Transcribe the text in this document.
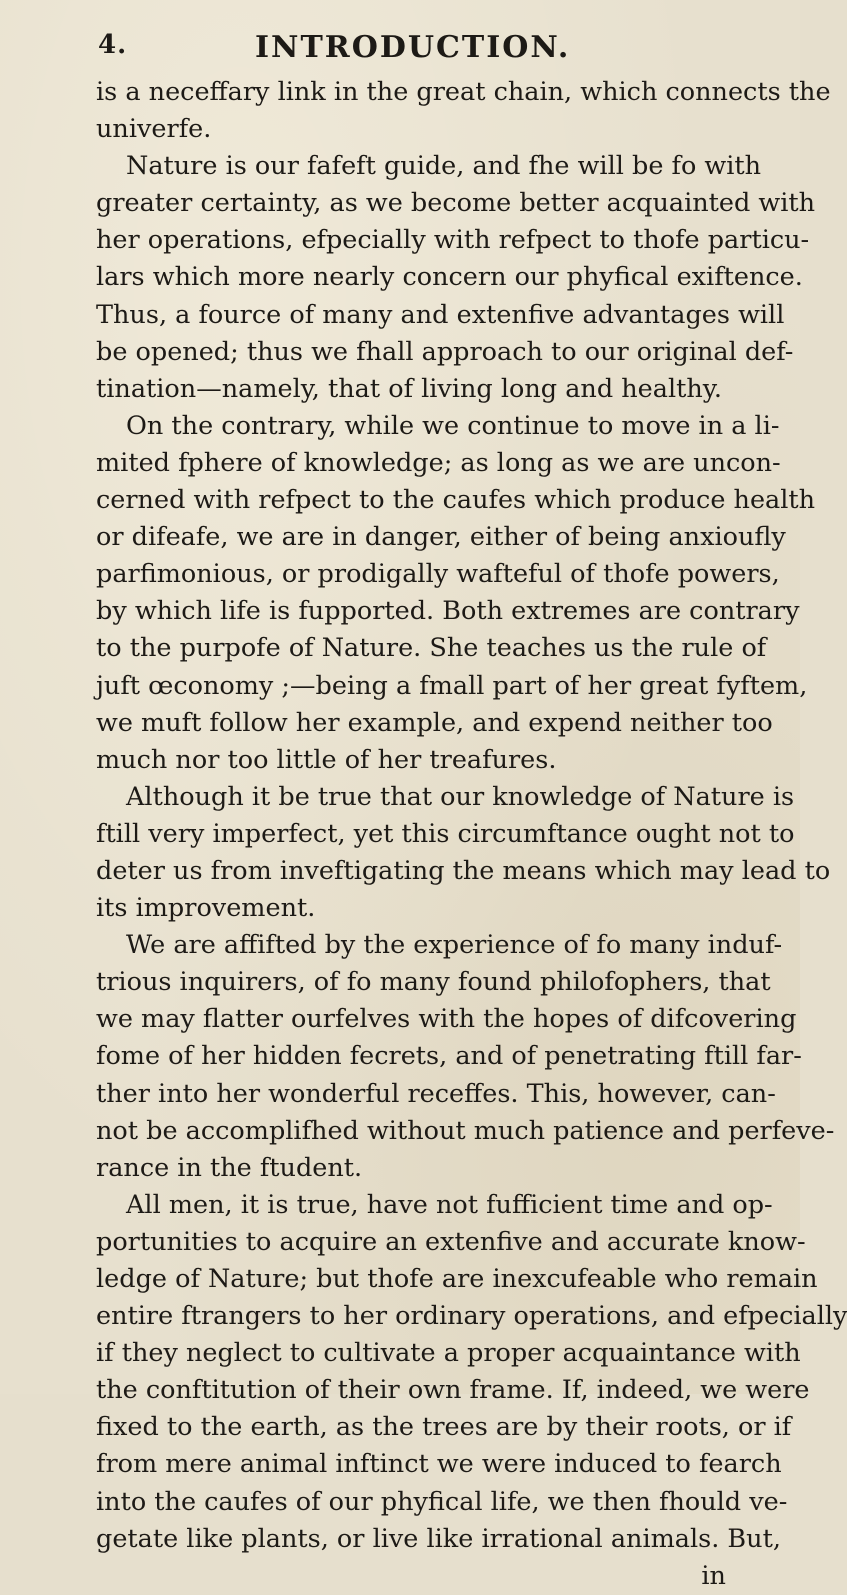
4.	INTRODUCTION.
is a neceffary link in the great chain, which connects the
univerfe.
Nature is our fafeft guide, and fhe will be fo with
greater certainty, as we become better acquainted with
her operations, efpecially with refpect to thofe particu-
lars which more nearly concern our phyfical exiftence.
Thus, a fource of many and extenfive advantages will
be opened; thus we fhall approach to our original def-
tination—namely, that of living long and healthy.
On the contrary, while we continue to move in a li-
mited fphere of knowledge; as long as we are uncon-
cerned with refpect to the caufes which produce health
or difeafe, we are in danger, either of being anxioufly
parfimonious, or prodigally wafteful of thofe powers,
by which life is fupported. Both extremes are contrary
to the purpofe of Nature. She teaches us the rule of
juft œconomy ;—being a fmall part of her great fyftem,
we muft follow her example, and expend neither too
much nor too little of her treafures.
Although it be true that our knowledge of Nature is
ftill very imperfect, yet this circumftance ought not to
deter us from inveftigating the means which may lead to
its improvement.
We are affifted by the experience of fo many induf-
trious inquirers, of fo many found philofophers, that
we may flatter ourfelves with the hopes of difcovering
fome of her hidden fecrets, and of penetrating ftill far-
ther into her wonderful receffes. This, however, can-
not be accomplifhed without much patience and perfeve-
rance in the ftudent.
All men, it is true, have not fufficient time and op-
portunities to acquire an extenfive and accurate know-
ledge of Nature; but thofe are inexcufeable who remain
entire ftrangers to her ordinary operations, and efpecially
if they neglect to cultivate a proper acquaintance with
the conftitution of their own frame. If, indeed, we were
fixed to the earth, as the trees are by their roots, or if
from mere animal inftinct we were induced to fearch
into the caufes of our phyfical life, we then fhould ve-
getate like plants, or live like irrational animals. But,
in
